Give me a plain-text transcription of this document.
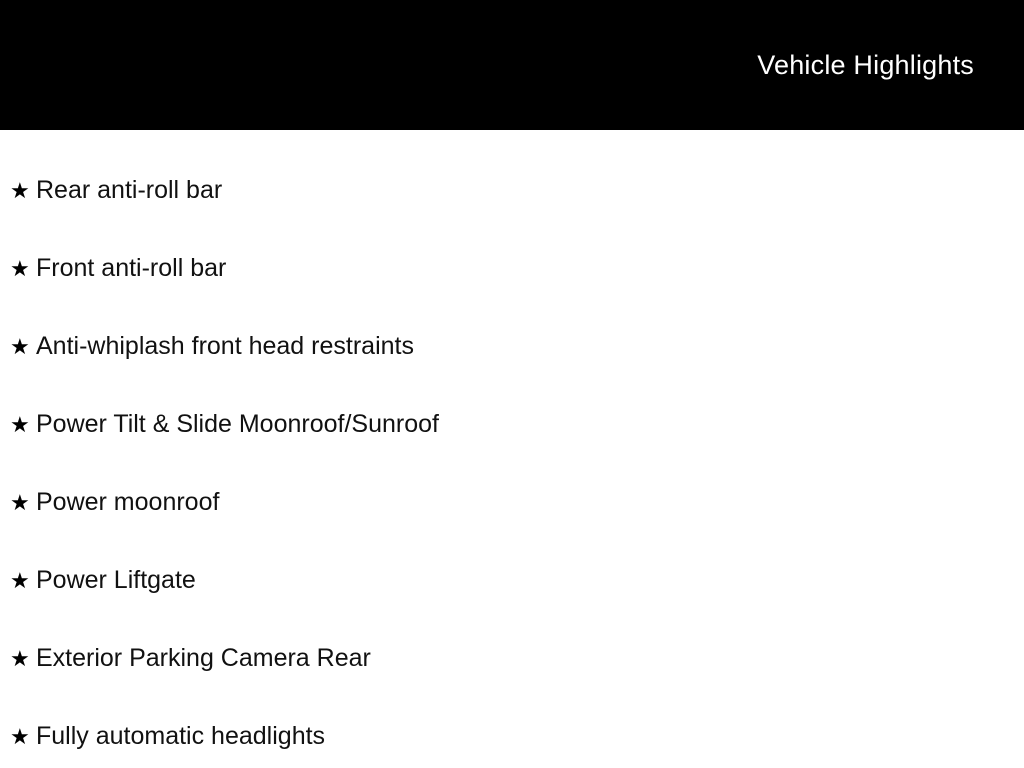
Vehicle Highlights
★ Rear anti-roll bar
★ Front anti-roll bar
★ Anti-whiplash front head restraints
★ Power Tilt & Slide Moonroof/Sunroof
★ Power moonroof
★ Power Liftgate
★ Exterior Parking Camera Rear
★ Fully automatic headlights
